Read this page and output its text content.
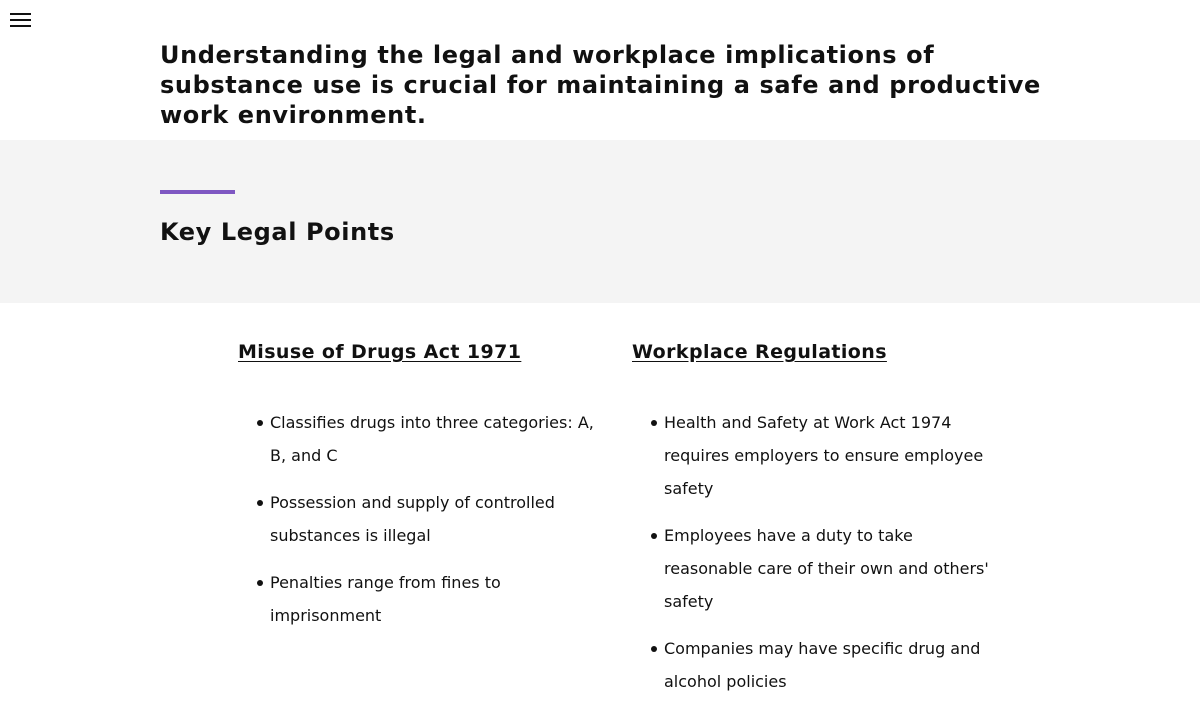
Understanding the legal and workplace implications of substance use is crucial for maintaining a safe and productive work environment.

Key Legal Points
Misuse of Drugs Act 1971
Classifies drugs into three categories: A, B, and C
Possession and supply of controlled substances is illegal
Penalties range from fines to imprisonment
Workplace Regulations
Health and Safety at Work Act 1974 requires employers to ensure employee safety
Employees have a duty to take reasonable care of their own and others' safety
Companies may have specific drug and alcohol policies
